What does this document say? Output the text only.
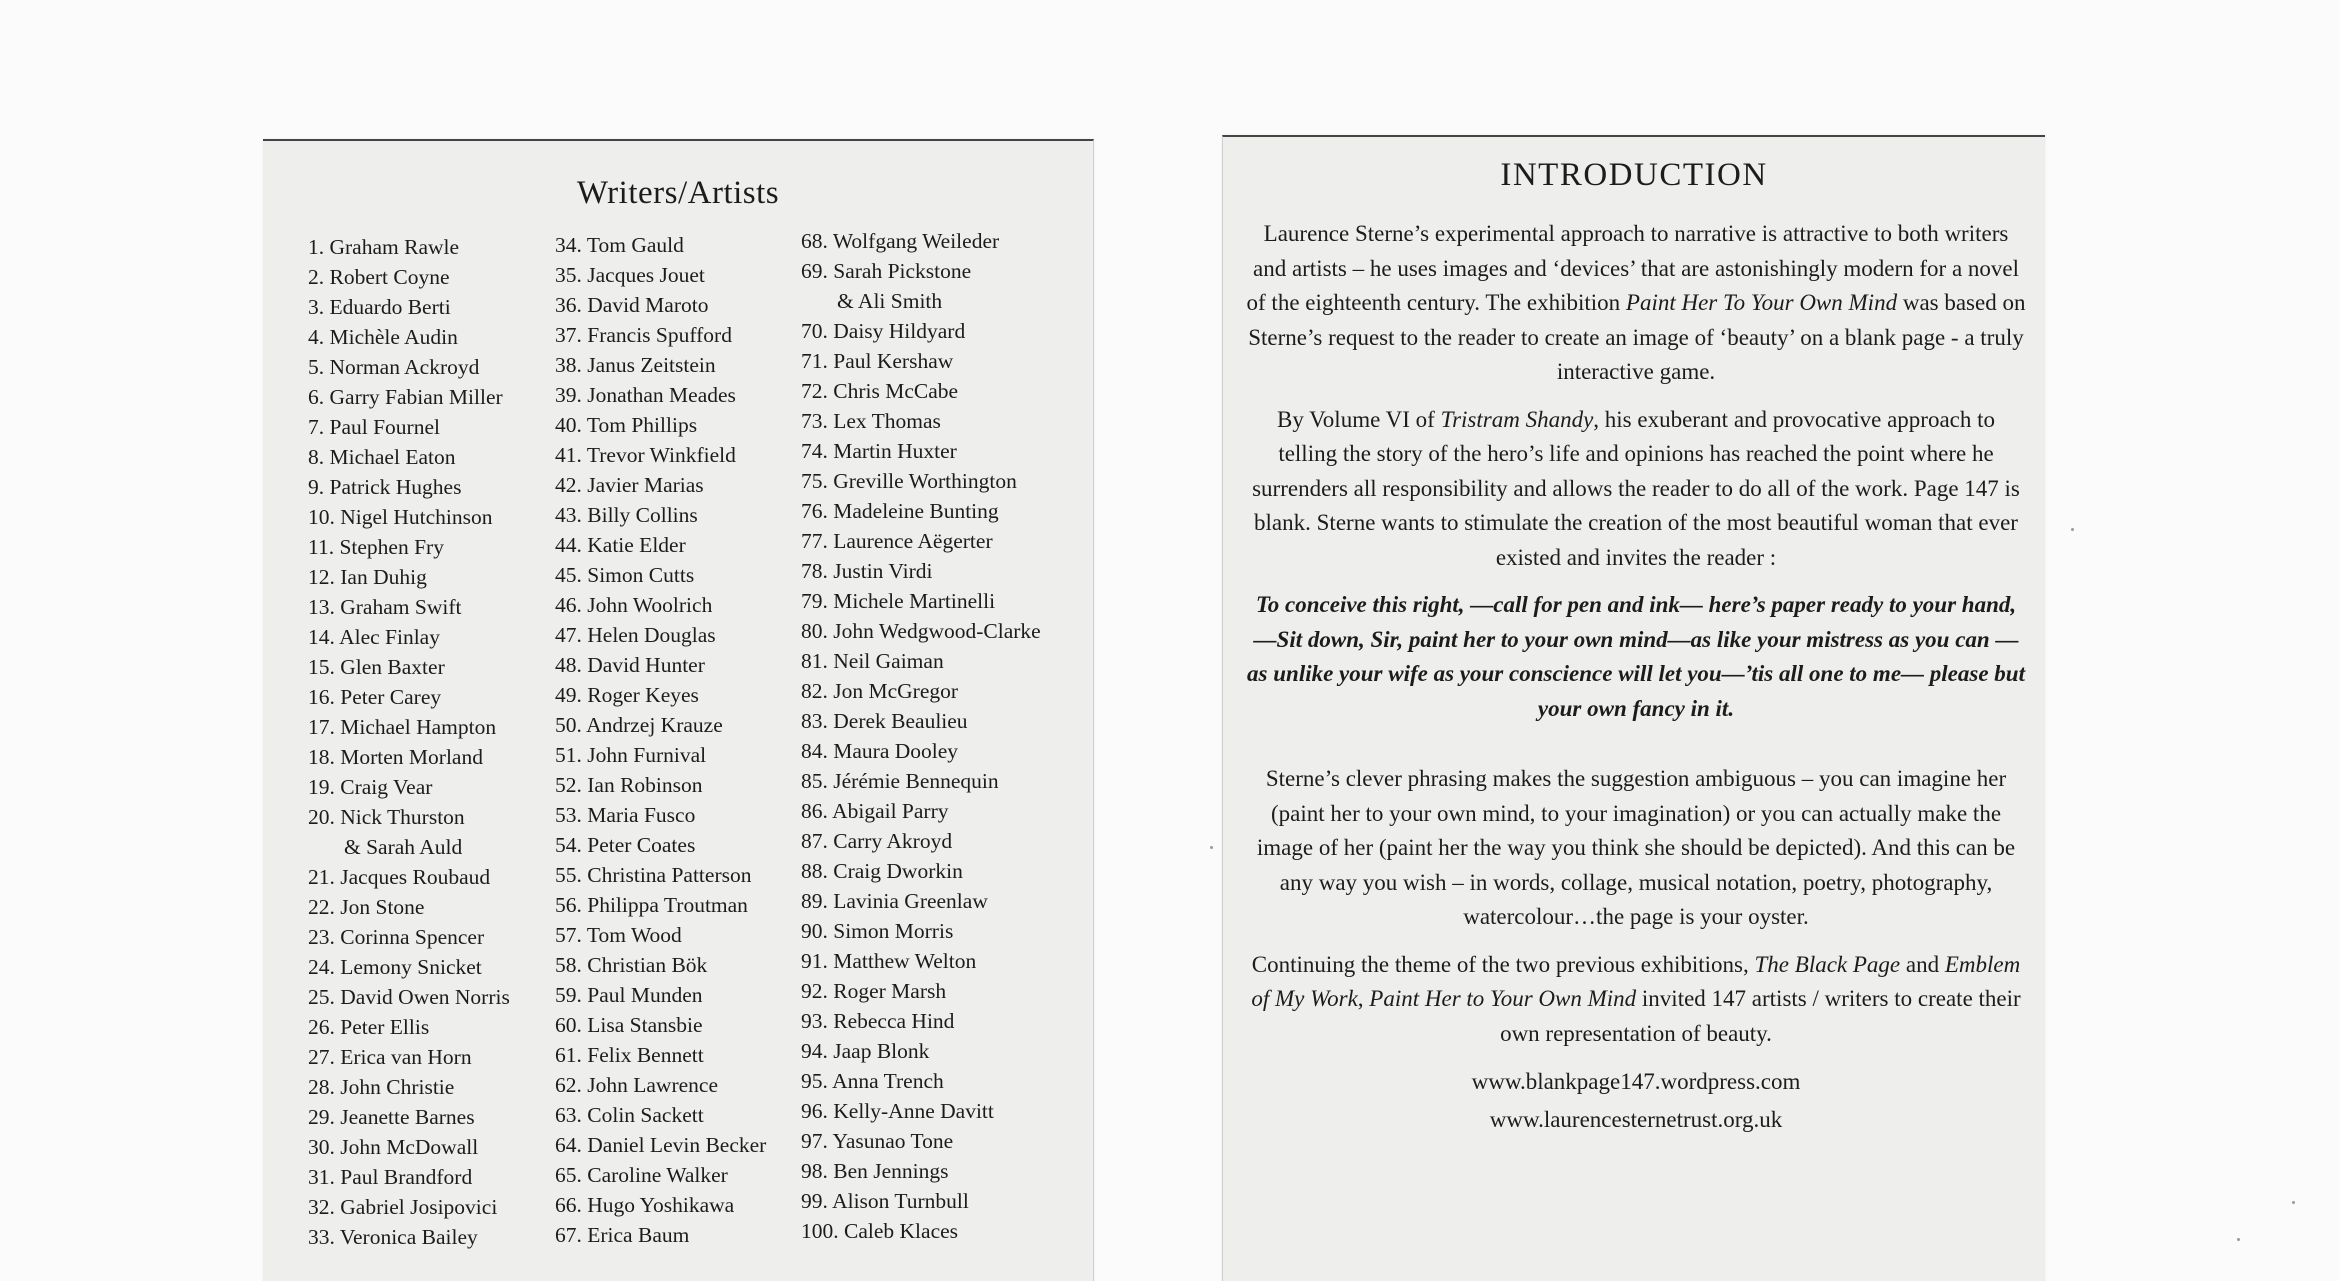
Writers/Artists
1. Graham Rawle
2. Robert Coyne
3. Eduardo Berti
4. Michèle Audin
5. Norman Ackroyd
6. Garry Fabian Miller
7. Paul Fournel
8. Michael Eaton
9. Patrick Hughes
10. Nigel Hutchinson
11. Stephen Fry
12. Ian Duhig
13. Graham Swift
14. Alec Finlay
15. Glen Baxter
16. Peter Carey
17. Michael Hampton
18. Morten Morland
19. Craig Vear
20. Nick Thurston
& Sarah Auld
21. Jacques Roubaud
22. Jon Stone
23. Corinna Spencer
24. Lemony Snicket
25. David Owen Norris
26. Peter Ellis
27. Erica van Horn
28. John Christie
29. Jeanette Barnes
30. John McDowall
31. Paul Brandford
32. Gabriel Josipovici
33. Veronica Bailey
34. Tom Gauld
35. Jacques Jouet
36. David Maroto
37. Francis Spufford
38. Janus Zeitstein
39. Jonathan Meades
40. Tom Phillips
41. Trevor Winkfield
42. Javier Marias
43. Billy Collins
44. Katie Elder
45. Simon Cutts
46. John Woolrich
47. Helen Douglas
48. David Hunter
49. Roger Keyes
50. Andrzej Krauze
51. John Furnival
52. Ian Robinson
53. Maria Fusco
54. Peter Coates
55. Christina Patterson
56. Philippa Troutman
57. Tom Wood
58. Christian Bök
59. Paul Munden
60. Lisa Stansbie
61. Felix Bennett
62. John Lawrence
63. Colin Sackett
64. Daniel Levin Becker
65. Caroline Walker
66. Hugo Yoshikawa
67. Erica Baum
68. Wolfgang Weileder
69. Sarah Pickstone
& Ali Smith
70. Daisy Hildyard
71. Paul Kershaw
72. Chris McCabe
73. Lex Thomas
74. Martin Huxter
75. Greville Worthington
76. Madeleine Bunting
77. Laurence Aëgerter
78. Justin Virdi
79. Michele Martinelli
80. John Wedgwood-Clarke
81. Neil Gaiman
82. Jon McGregor
83. Derek Beaulieu
84. Maura Dooley
85. Jérémie Bennequin
86. Abigail Parry
87. Carry Akroyd
88. Craig Dworkin
89. Lavinia Greenlaw
90. Simon Morris
91. Matthew Welton
92. Roger Marsh
93. Rebecca Hind
94. Jaap Blonk
95. Anna Trench
96. Kelly-Anne Davitt
97. Yasunao Tone
98. Ben Jennings
99. Alison Turnbull
100. Caleb Klaces
INTRODUCTION

Laurence Sterne’s experimental approach to narrative is attractive to both writers and artists – he uses images and ‘devices’ that are astonishingly modern for a novel of the eighteenth century. The exhibition Paint Her To Your Own Mind was based on Sterne’s request to the reader to create an image of ‘beauty’ on a blank page - a truly interactive game.

By Volume VI of Tristram Shandy, his exuberant and provocative approach to telling the story of the hero’s life and opinions has reached the point where he surrenders all responsibility and allows the reader to do all of the work. Page 147 is blank. Sterne wants to stimulate the creation of the most beautiful woman that ever existed and invites the reader :

To conceive this right, —call for pen and ink— here’s paper ready to your hand, —Sit down, Sir, paint her to your own mind—as like your mistress as you can —as unlike your wife as your conscience will let you—’tis all one to me— please but your own fancy in it.

Sterne’s clever phrasing makes the suggestion ambiguous – you can imagine her (paint her to your own mind, to your imagination) or you can actually make the image of her (paint her the way you think she should be depicted). And this can be any way you wish – in words, collage, musical notation, poetry, photography, watercolour…the page is your oyster.

Continuing the theme of the two previous exhibitions, The Black Page and Emblem of My Work, Paint Her to Your Own Mind invited 147 artists / writers to create their own representation of beauty.

www.blankpage147.wordpress.com
www.laurencesternetrust.org.uk
